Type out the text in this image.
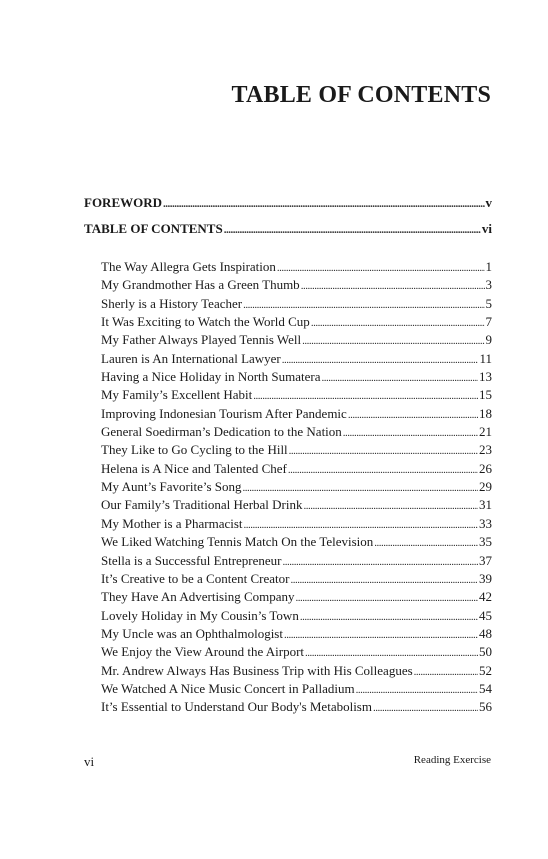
TABLE OF CONTENTS
FOREWORD .....	v
TABLE OF CONTENTS .....	vi
The Way Allegra Gets Inspiration .....	1
My Grandmother Has a Green Thumb .....	3
Sherly is a History Teacher .....	5
It Was Exciting to Watch the World Cup .....	7
My Father Always Played Tennis Well .....	9
Lauren is An International Lawyer .....	11
Having a Nice Holiday in North Sumatera .....	13
My Family’s Excellent Habit .....	15
Improving Indonesian Tourism After Pandemic .....	18
General Soedirman’s Dedication to the Nation .....	21
They Like to Go Cycling to the Hill .....	23
Helena is A Nice and Talented Chef .....	26
My Aunt’s Favorite’s Song .....	29
Our Family’s Traditional Herbal Drink .....	31
My Mother is a Pharmacist .....	33
We Liked Watching Tennis Match On the Television .....	35
Stella is a Successful Entrepreneur .....	37
It’s Creative to be a Content Creator .....	39
They Have An Advertising Company .....	42
Lovely Holiday in My Cousin’s Town .....	45
My Uncle was an Ophthalmologist .....	48
We Enjoy the View Around the Airport .....	50
Mr. Andrew Always Has Business Trip with His Colleagues .....	52
We Watched A Nice Music Concert in Palladium .....	54
It’s Essential to Understand Our Body's Metabolism .....	56
vi	Reading Exercise
